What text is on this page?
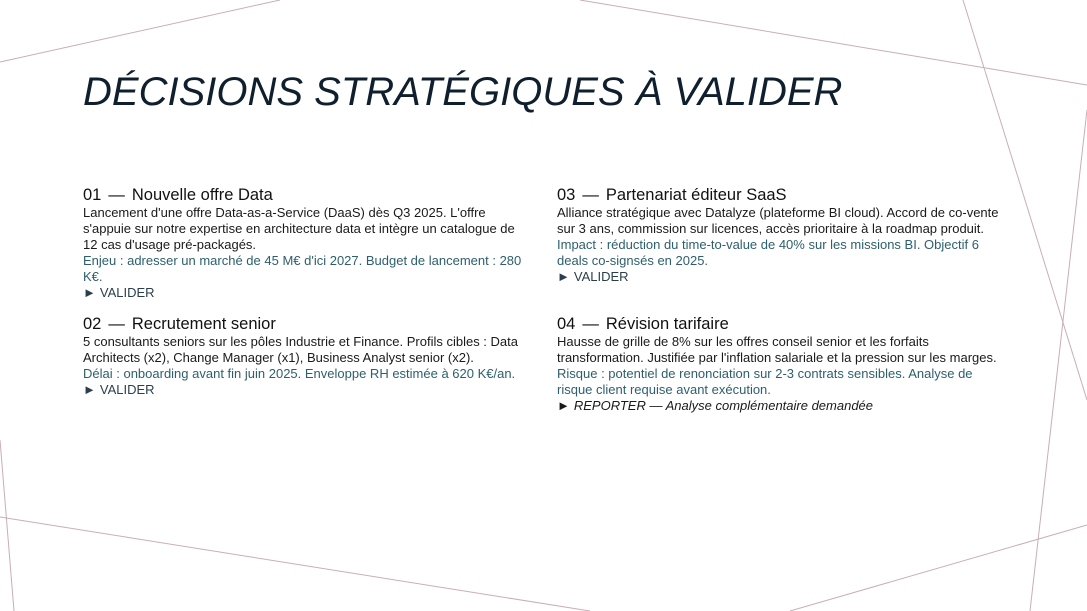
DÉCISIONS STRATÉGIQUES À VALIDER
01 — Nouvelle offre Data

Lancement d'une offre Data-as-a-Service (DaaS) dès Q3 2025. L'offre s'appuie sur notre expertise en architecture data et intègre un catalogue de 12 cas d'usage pré-packagés.

Enjeu : adresser un marché de 45 M€ d'ici 2027. Budget de lancement : 280 K€.

► VALIDER

02 — Recrutement senior

5 consultants seniors sur les pôles Industrie et Finance. Profils cibles : Data Architects (x2), Change Manager (x1), Business Analyst senior (x2).

Délai : onboarding avant fin juin 2025. Enveloppe RH estimée à 620 K€/an.

► VALIDER

03 — Partenariat éditeur SaaS

Alliance stratégique avec Datalyze (plateforme BI cloud). Accord de co-vente sur 3 ans, commission sur licences, accès prioritaire à la roadmap produit.

Impact : réduction du time-to-value de 40% sur les missions BI. Objectif 6 deals co-signsés en 2025.

► VALIDER

04 — Révision tarifaire

Hausse de grille de 8% sur les offres conseil senior et les forfaits transformation. Justifiée par l'inflation salariale et la pression sur les marges.

Risque : potentiel de renonciation sur 2-3 contrats sensibles. Analyse de risque client requise avant exécution.

► REPORTER — Analyse complémentaire demandée
